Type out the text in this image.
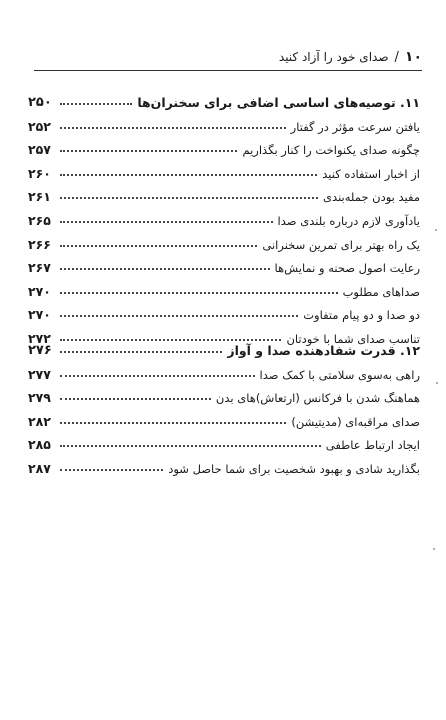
۱۰
/
صدای خود را آزاد کنید
۱۱. توصیه‌های اساسی اضافی برای سخنران‌ها
۲۵۰
یافتن سرعت مؤثر در گفتار
۲۵۲
چگونه صدای یکنواخت را کنار بگذاریم
۲۵۷
از اخبار استفاده کنید
۲۶۰
مفید بودن جمله‌بندی
۲۶۱
یادآوری لازم درباره بلندی صدا
۲۶۵
یک راه بهتر برای تمرین سخنرانی
۲۶۶
رعایت اصول صحنه و نمایش‌ها
۲۶۷
صداهای مطلوب
۲۷۰
دو صدا و دو پیام متفاوت
۲۷۰
تناسب صدای شما با خودتان
۲۷۲
۱۲. قدرت شفادهنده صدا و آواز
۲۷۶
راهی به‌سوی سلامتی با کمک صدا
۲۷۷
هماهنگ شدن با فرکانس (ارتعاش)های بدن
۲۷۹
صدای مراقبه‌ای (مدیتیشن)
۲۸۲
ایجاد ارتباط عاطفی
۲۸۵
بگذارید شادی و بهبود شخصیت برای شما حاصل شود
۲۸۷
